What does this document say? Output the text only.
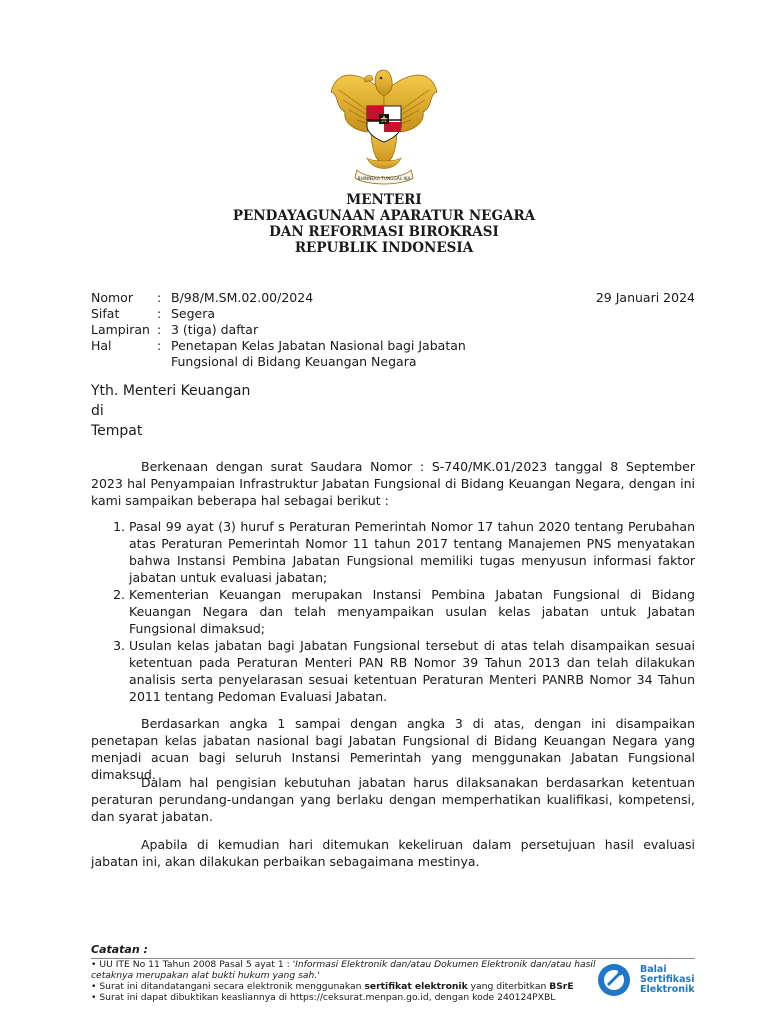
BHINNEKA TUNGGAL IKA
MENTERI
PENDAYAGUNAAN APARATUR NEGARA
DAN REFORMASI BIROKRASI
REPUBLIK INDONESIA
Nomor	: B/98/M.SM.02.00/2024
Sifat	: Segera
Lampiran : 3 (tiga) daftar
Hal	: Penetapan Kelas Jabatan Nasional bagi Jabatan
Fungsional di Bidang Keuangan Negara
29 Januari 2024
Yth. Menteri Keuangan
di
Tempat

Berkenaan dengan surat Saudara Nomor : S-740/MK.01/2023 tanggal 8 September 2023 hal Penyampaian Infrastruktur Jabatan Fungsional di Bidang Keuangan Negara, dengan ini kami sampaikan beberapa hal sebagai berikut :

1. Pasal 99 ayat (3) huruf s Peraturan Pemerintah Nomor 17 tahun 2020 tentang Perubahan atas Peraturan Pemerintah Nomor 11 tahun 2017 tentang Manajemen PNS menyatakan bahwa Instansi Pembina Jabatan Fungsional memiliki tugas menyusun informasi faktor jabatan untuk evaluasi jabatan;
2. Kementerian Keuangan merupakan Instansi Pembina Jabatan Fungsional di Bidang Keuangan Negara dan telah menyampaikan usulan kelas jabatan untuk Jabatan Fungsional dimaksud;
3. Usulan kelas jabatan bagi Jabatan Fungsional tersebut di atas telah disampaikan sesuai ketentuan pada Peraturan Menteri PAN RB Nomor 39 Tahun 2013 dan telah dilakukan analisis serta penyelarasan sesuai ketentuan Peraturan Menteri PANRB Nomor 34 Tahun 2011 tentang Pedoman Evaluasi Jabatan.

Berdasarkan angka 1 sampai dengan angka 3 di atas, dengan ini disampaikan penetapan kelas jabatan nasional bagi Jabatan Fungsional di Bidang Keuangan Negara yang menjadi acuan bagi seluruh Instansi Pemerintah yang menggunakan Jabatan Fungsional dimaksud.

Dalam hal pengisian kebutuhan jabatan harus dilaksanakan berdasarkan ketentuan peraturan perundang-undangan yang berlaku dengan memperhatikan kualifikasi, kompetensi, dan syarat jabatan.

Apabila di kemudian hari ditemukan kekeliruan dalam persetujuan hasil evaluasi jabatan ini, akan dilakukan perbaikan sebagaimana mestinya.

Catatan :
• UU ITE No 11 Tahun 2008 Pasal 5 ayat 1 : 'Informasi Elektronik dan/atau Dokumen Elektronik dan/atau hasil cetaknya merupakan alat bukti hukum yang sah.'
• Surat ini ditandatangani secara elektronik menggunakan sertifikat elektronik yang diterbitkan BSrE
• Surat ini dapat dibuktikan keasliannya di https://ceksurat.menpan.go.id, dengan kode 240124PXBL
Balai
Sertifikasi
Elektronik
